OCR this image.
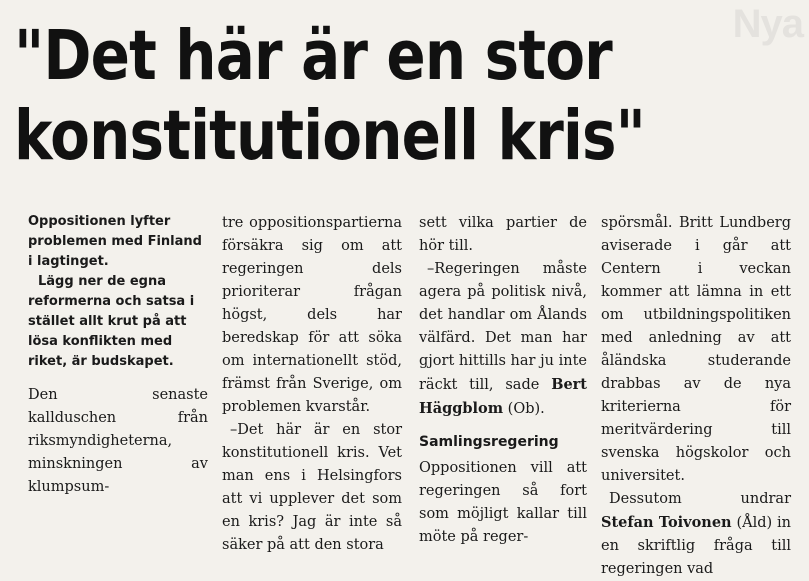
Nya
"Det här är en stor
konstitutionell kris"

Oppositionen lyfter problemen med Finland i lagtinget.

Lägg ner de egna reformerna och satsa i stället allt krut på att lösa konflikten med riket, är budskapet.

Den senaste kallduschen från riksmyndigheterna, minskningen av klumpsum-

tre oppositionspartierna försäkra sig om att regeringen dels prioriterar frågan högst, dels har beredskap för att söka om internationellt stöd, främst från Sverige, om problemen kvarstår.

–Det här är en stor konstitutionell kris. Vet man ens i Helsingfors att vi upplever det som en kris? Jag är inte så säker på att den stora

sett vilka partier de hör till.

–Regeringen måste agera på politisk nivå, det handlar om Ålands välfärd. Det man har gjort hittills har ju inte räckt till, sade Bert Häggblom (Ob).

Samlingsregering

Oppositionen vill att regeringen så fort som möjligt kallar till möte på reger-

spörsmål. Britt Lundberg aviserade i går att Centern i veckan kommer att lämna in ett om utbildningspolitiken med anledning av att åländska studerande drabbas av de nya kriterierna för meritvärdering till svenska högskolor och universitet.

Dessutom undrar Stefan Toivonen (Åld) in en skriftlig fråga till regeringen vad
